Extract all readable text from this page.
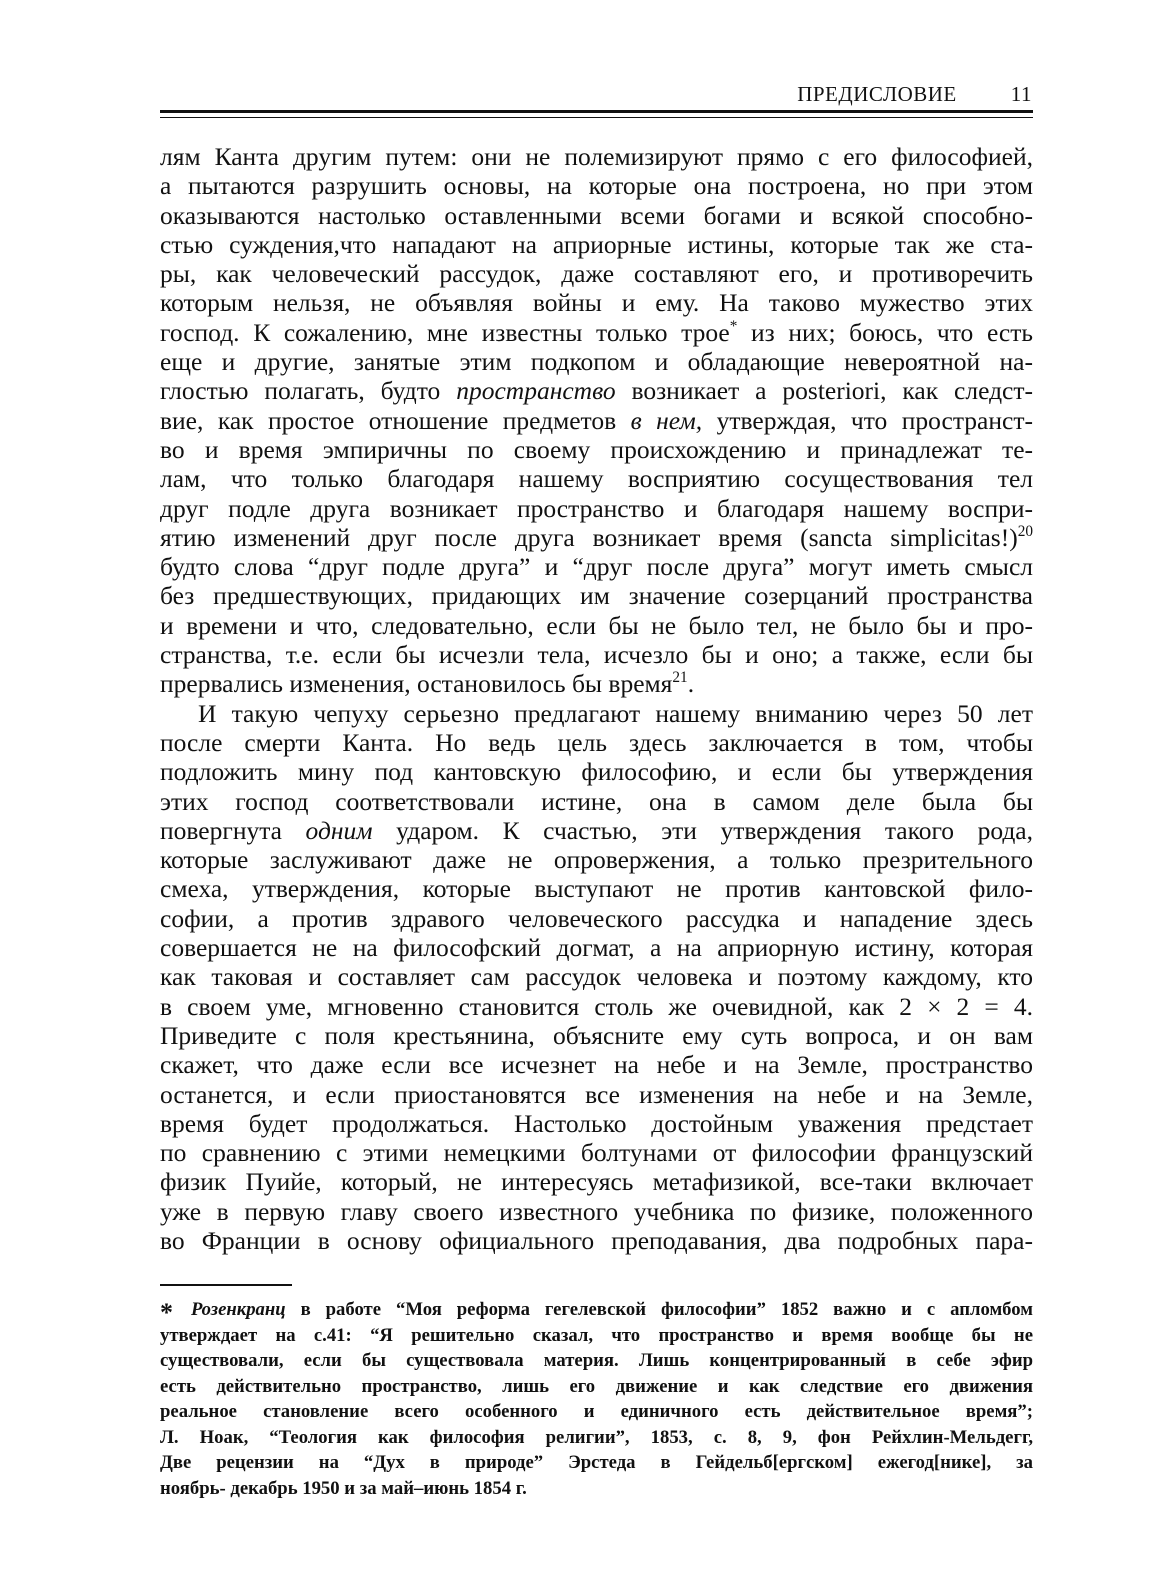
ПРЕДИСЛОВИЕ	11
лям Канта другим путем: они не полемизируют прямо с его философией,
а пытаются разрушить основы, на которые она построена, но при этом
оказываются настолько оставленными всеми богами и всякой способно-
стью суждения,что нападают на априорные истины, которые так же ста-
ры, как человеческий рассудок, даже составляют его, и противоречить
которым нельзя, не объявляя войны и ему. На таково мужество этих
господ. К сожалению, мне известны только трое* из них; боюсь, что есть
еще и другие, занятые этим подкопом и обладающие невероятной на-
глостью полагать, будто пространство возникает a posteriori, как следст-
вие, как простое отношение предметов в нем, утверждая, что пространст-
во и время эмпиричны по своему происхождению и принадлежат те-
лам, что только благодаря нашему восприятию сосуществования тел
друг подле друга возникает пространство и благодаря нашему воспри-
ятию изменений друг после друга возникает время (sancta simplicitas!)$^{20}$
будто слова “друг подле друга” и “друг после друга” могут иметь смысл
без предшествующих, придающих им значение созерцаний пространства
и времени и что, следовательно, если бы не было тел, не было бы и про-
странства, т.е. если бы исчезли тела, исчезло бы и оно; а также, если бы
прервались изменения, остановилось бы время$^{21}$.
И такую чепуху серьезно предлагают нашему вниманию через 50 лет
после смерти Канта. Но ведь цель здесь заключается в том, чтобы
подложить мину под кантовскую философию, и если бы утверждения
этих господ соответствовали истине, она в самом деле была бы
повергнута одним ударом. К счастью, эти утверждения такого рода,
которые заслуживают даже не опровержения, а только презрительного
смеха, утверждения, которые выступают не против кантовской фило-
софии, а против здравого человеческого рассудка и нападение здесь
совершается не на философский догмат, а на априорную истину, которая
как таковая и составляет сам рассудок человека и поэтому каждому, кто
в своем уме, мгновенно становится столь же очевидной, как 2 × 2 = 4.
Приведите с поля крестьянина, объясните ему суть вопроса, и он вам
скажет, что даже если все исчезнет на небе и на Земле, пространство
останется, и если приостановятся все изменения на небе и на Земле,
время будет продолжаться. Настолько достойным уважения предстает
по сравнению с этими немецкими болтунами от философии французский
физик Пуийе, который, не интересуясь метафизикой, все-таки включает
уже в первую главу своего известного учебника по физике, положенного
во Франции в основу официального преподавания, два подробных пара-
* Розенкранц в работе “Моя реформа гегелевской философии” 1852 важно и с апломбом
утверждает на с.41: “Я решительно сказал, что пространство и время вообще бы не
существовали, если бы существовала материя. Лишь концентрированный в себе эфир
есть действительно пространство, лишь его движение и как следствие его движения
реальное становление всего особенного и единичного есть действительное время”;
Л. Ноак, “Теология как философия религии”, 1853, с. 8, 9, фон Рейхлин-Мельдегг,
Две рецензии на “Дух в природе” Эрстеда в Гейдельб[ергском] ежегод[нике], за
ноябрь- декабрь 1950 и за май–июнь 1854 г.
